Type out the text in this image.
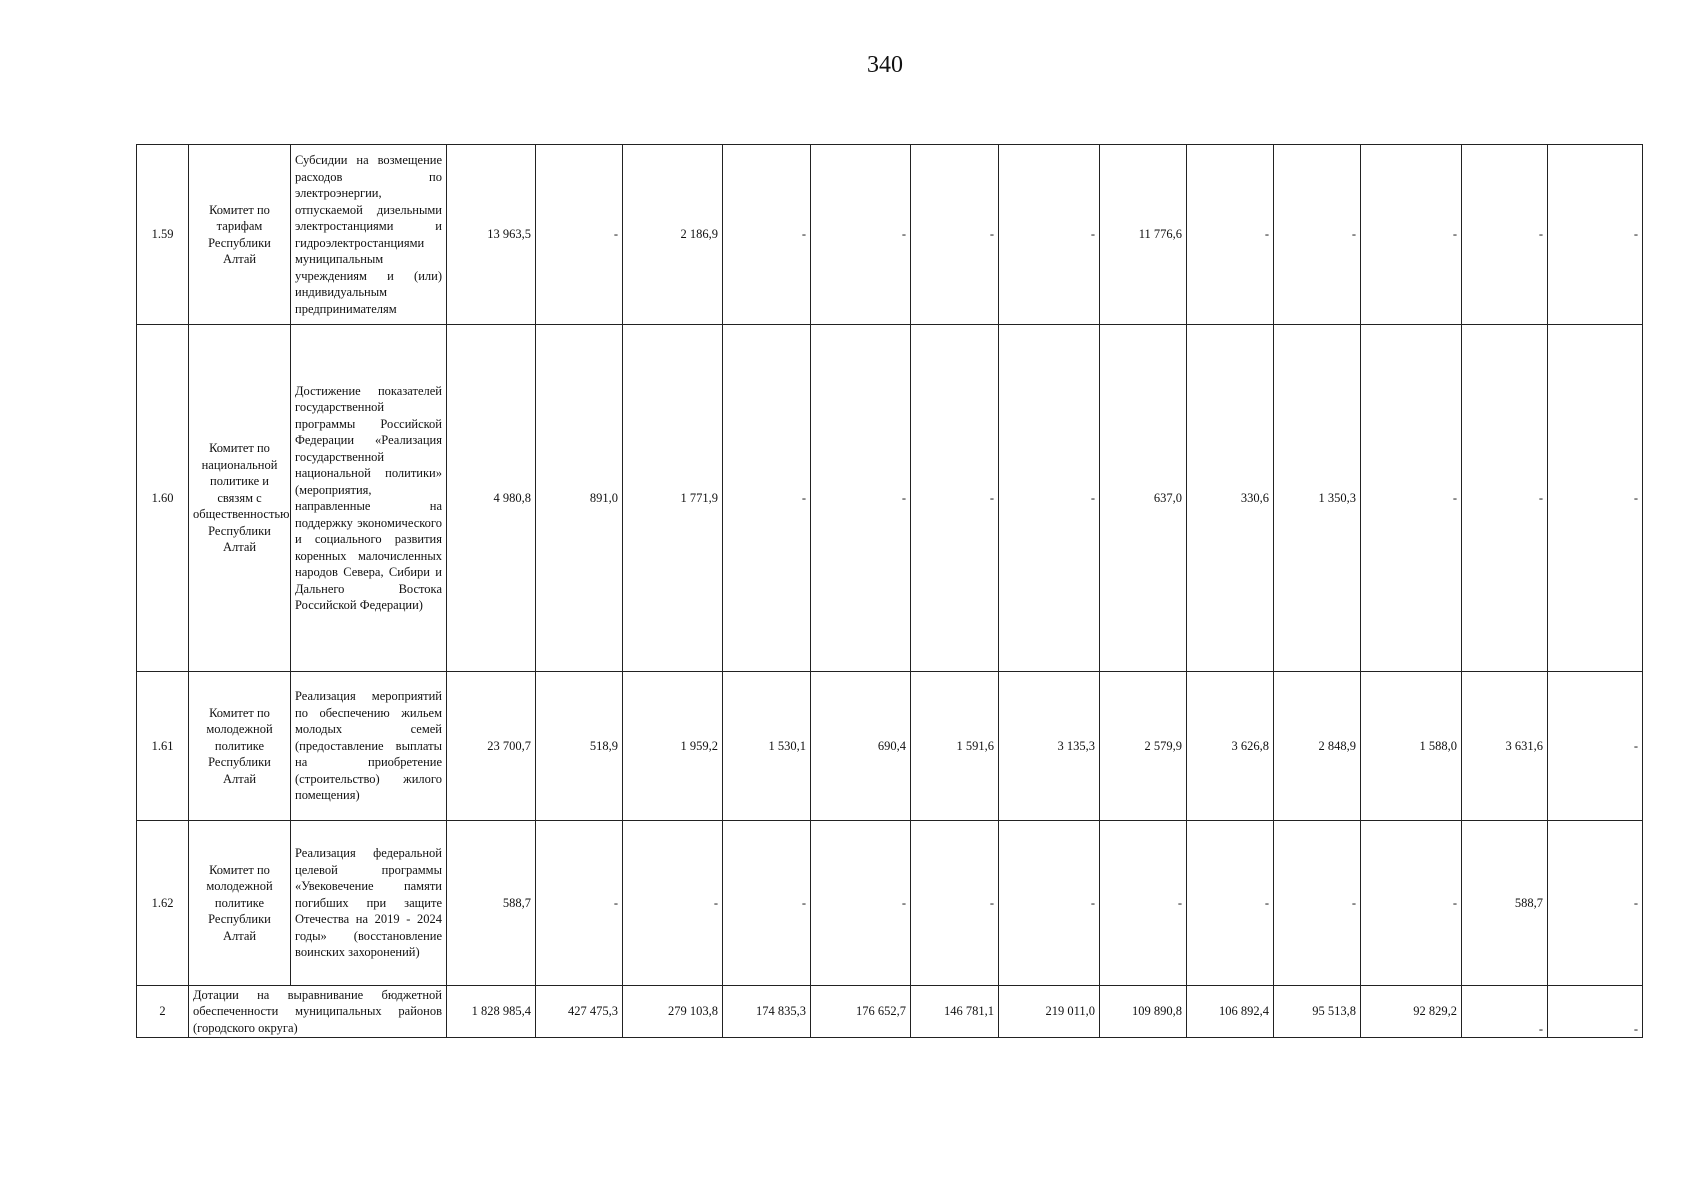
340
1.59	Комитет по тарифам Республики Алтай	Субсидии на возмещение расходов по электроэнергии, отпускаемой дизельными электростанциями и гидроэлектростанциями муниципальным учреждениям и (или) индивидуальным предпринимателям	13 963,5	-	2 186,9	-	-	-	-	11 776,6	-	-	-	-	-
1.60	Комитет по национальной политике и связям с общественностью Республики Алтай	Достижение показателей государственной программы Российской Федерации «Реализация государственной национальной политики» (мероприятия, направленные на поддержку экономического и социального развития коренных малочисленных народов Севера, Сибири и Дальнего Востока Российской Федерации)	4 980,8	891,0	1 771,9	-	-	-	-	637,0	330,6	1 350,3	-	-	-
1.61	Комитет по молодежной политике Республики Алтай	Реализация мероприятий по обеспечению жильем молодых семей (предоставление выплаты на приобретение (строительство) жилого помещения)	23 700,7	518,9	1 959,2	1 530,1	690,4	1 591,6	3 135,3	2 579,9	3 626,8	2 848,9	1 588,0	3 631,6	-
1.62	Комитет по молодежной политике Республики Алтай	Реализация федеральной целевой программы «Увековечение памяти погибших при защите Отечества на 2019 - 2024 годы» (восстановление воинских захоронений)	588,7	-	-	-	-	-	-	-	-	-	-	588,7	-
2	Дотации на выравнивание бюджетной обеспеченности муниципальных районов (городского округа)		1 828 985,4	427 475,3	279 103,8	174 835,3	176 652,7	146 781,1	219 011,0	109 890,8	106 892,4	95 513,8	92 829,2	-	-
